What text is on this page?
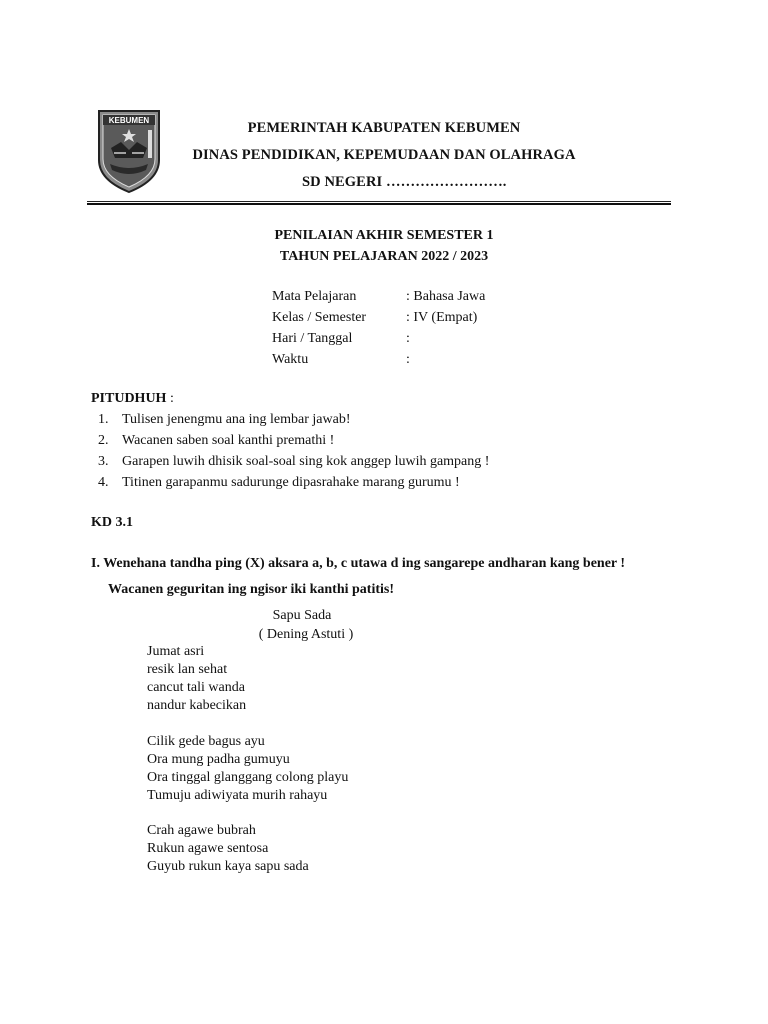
KEBUMEN	PEMERINTAH KABUPATEN KEBUMEN
DINAS PENDIDIKAN, KEPEMUDAAN DAN OLAHRAGA
SD NEGERI …………………….
PENILAIAN AKHIR SEMESTER 1
TAHUN PELAJARAN 2022 / 2023
Mata Pelajaran	: Bahasa Jawa
Kelas / Semester	: IV (Empat)
Hari / Tanggal	:
Waktu	:
PITUDHUH :
1. Tulisen jenengmu ana ing lembar jawab!
2. Wacanen saben soal kanthi premathi !
3. Garapen luwih dhisik soal-soal sing kok anggep luwih gampang !
4. Titinen garapanmu sadurunge dipasrahake marang gurumu !
KD 3.1
I. Wenehana tandha ping (X) aksara a, b, c utawa d ing sangarepe andharan kang bener !
Wacanen geguritan ing ngisor iki kanthi patitis!
Sapu Sada
( Dening Astuti )
Jumat asri
resik lan sehat
cancut tali wanda
nandur kabecikan
Cilik gede bagus ayu
Ora mung padha gumuyu
Ora tinggal glanggang colong playu
Tumuju adiwiyata murih rahayu
Crah agawe bubrah
Rukun agawe sentosa
Guyub rukun kaya sapu sada
